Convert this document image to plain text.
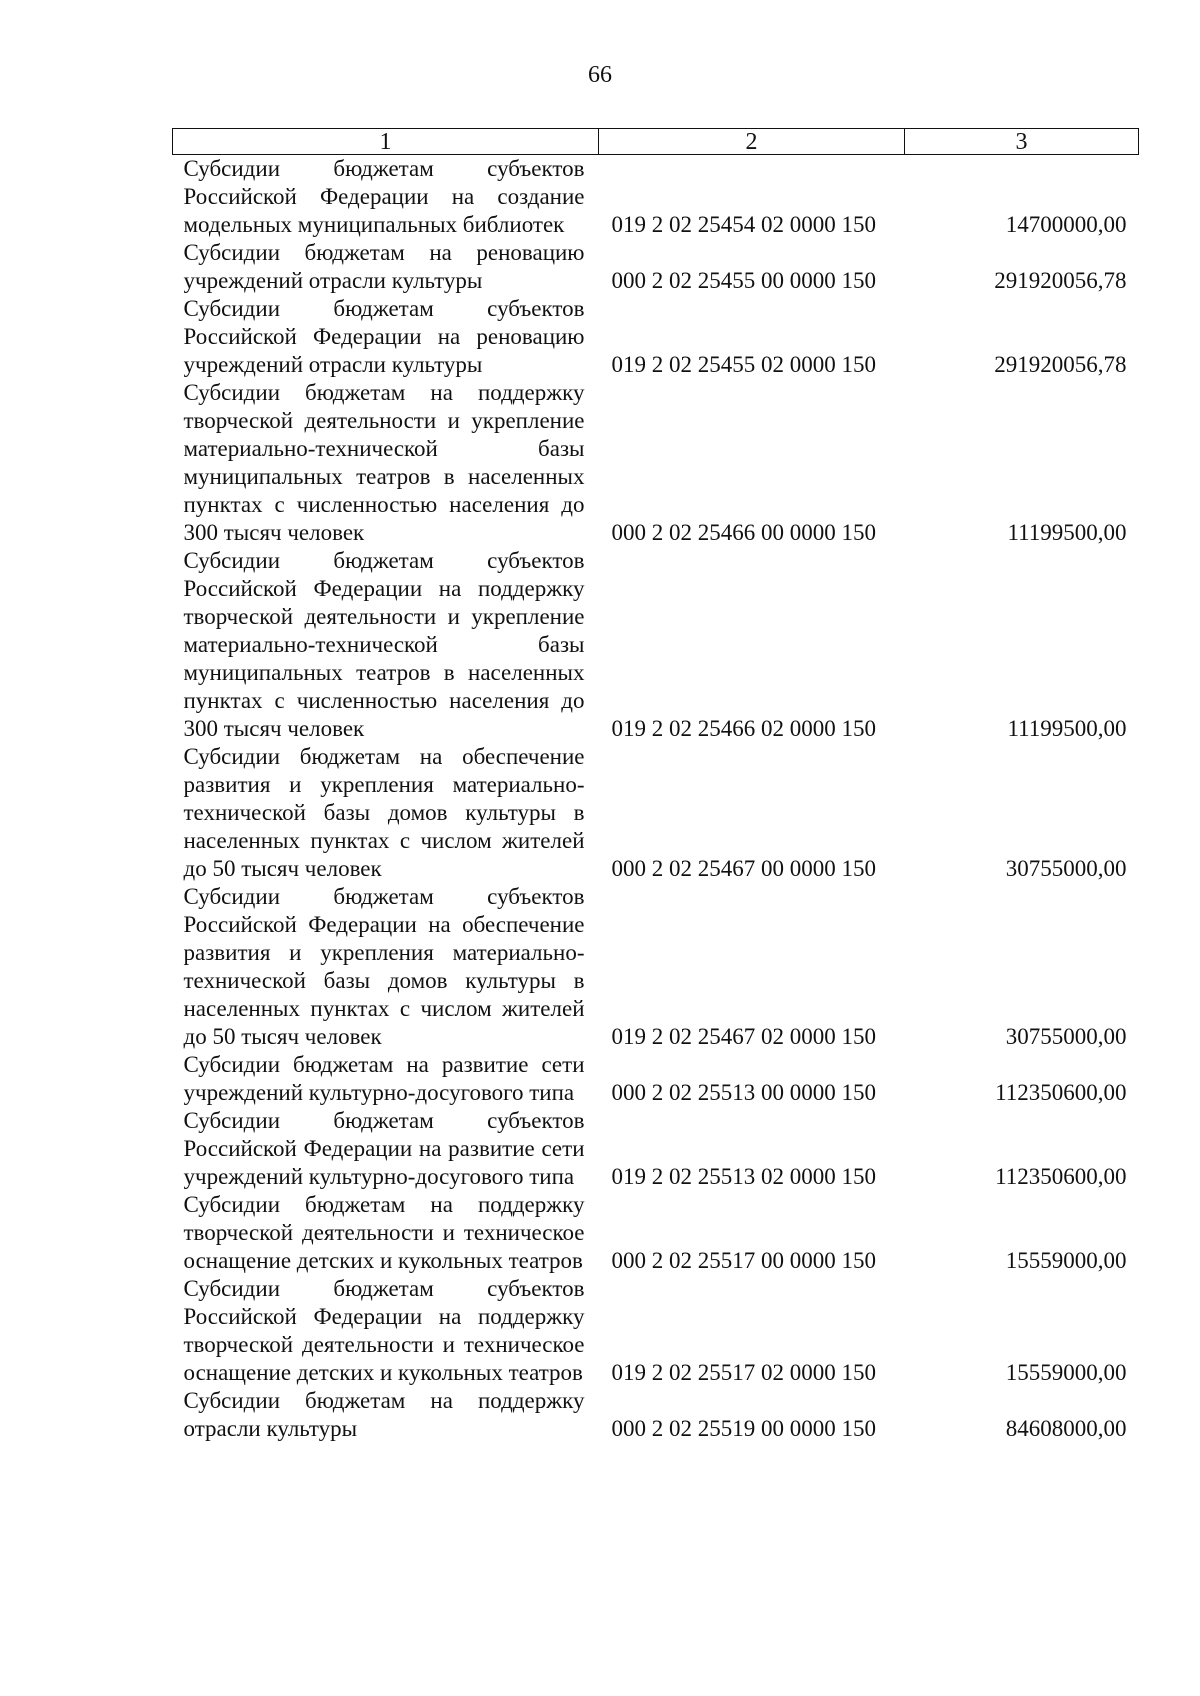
66
1	2	3
Субсидии бюджетам субъектов Российской Федерации на создание модельных муниципальных библиотек	019 2 02 25454 02 0000 150	14700000,00
Субсидии бюджетам на реновацию учреждений отрасли культуры	000 2 02 25455 00 0000 150	291920056,78
Субсидии бюджетам субъектов Российской Федерации на реновацию учреждений отрасли культуры	019 2 02 25455 02 0000 150	291920056,78
Субсидии бюджетам на поддержку творческой деятельности и укрепление материально-технической базы муниципальных театров в населенных пунктах с численностью населения до 300 тысяч человек	000 2 02 25466 00 0000 150	11199500,00
Субсидии бюджетам субъектов Российской Федерации на поддержку творческой деятельности и укрепление материально-технической базы муниципальных театров в населенных пунктах с численностью населения до 300 тысяч человек	019 2 02 25466 02 0000 150	11199500,00
Субсидии бюджетам на обеспечение развития и укрепления материально-технической базы домов культуры в населенных пунктах с числом жителей до 50 тысяч человек	000 2 02 25467 00 0000 150	30755000,00
Субсидии бюджетам субъектов Российской Федерации на обеспечение развития и укрепления материально-технической базы домов культуры в населенных пунктах с числом жителей до 50 тысяч человек	019 2 02 25467 02 0000 150	30755000,00
Субсидии бюджетам на развитие сети учреждений культурно-досугового типа	000 2 02 25513 00 0000 150	112350600,00
Субсидии бюджетам субъектов Российской Федерации на развитие сети учреждений культурно-досугового типа	019 2 02 25513 02 0000 150	112350600,00
Субсидии бюджетам на поддержку творческой деятельности и техническое оснащение детских и кукольных театров	000 2 02 25517 00 0000 150	15559000,00
Субсидии бюджетам субъектов Российской Федерации на поддержку творческой деятельности и техническое оснащение детских и кукольных театров	019 2 02 25517 02 0000 150	15559000,00
Субсидии бюджетам на поддержку отрасли культуры	000 2 02 25519 00 0000 150	84608000,00
